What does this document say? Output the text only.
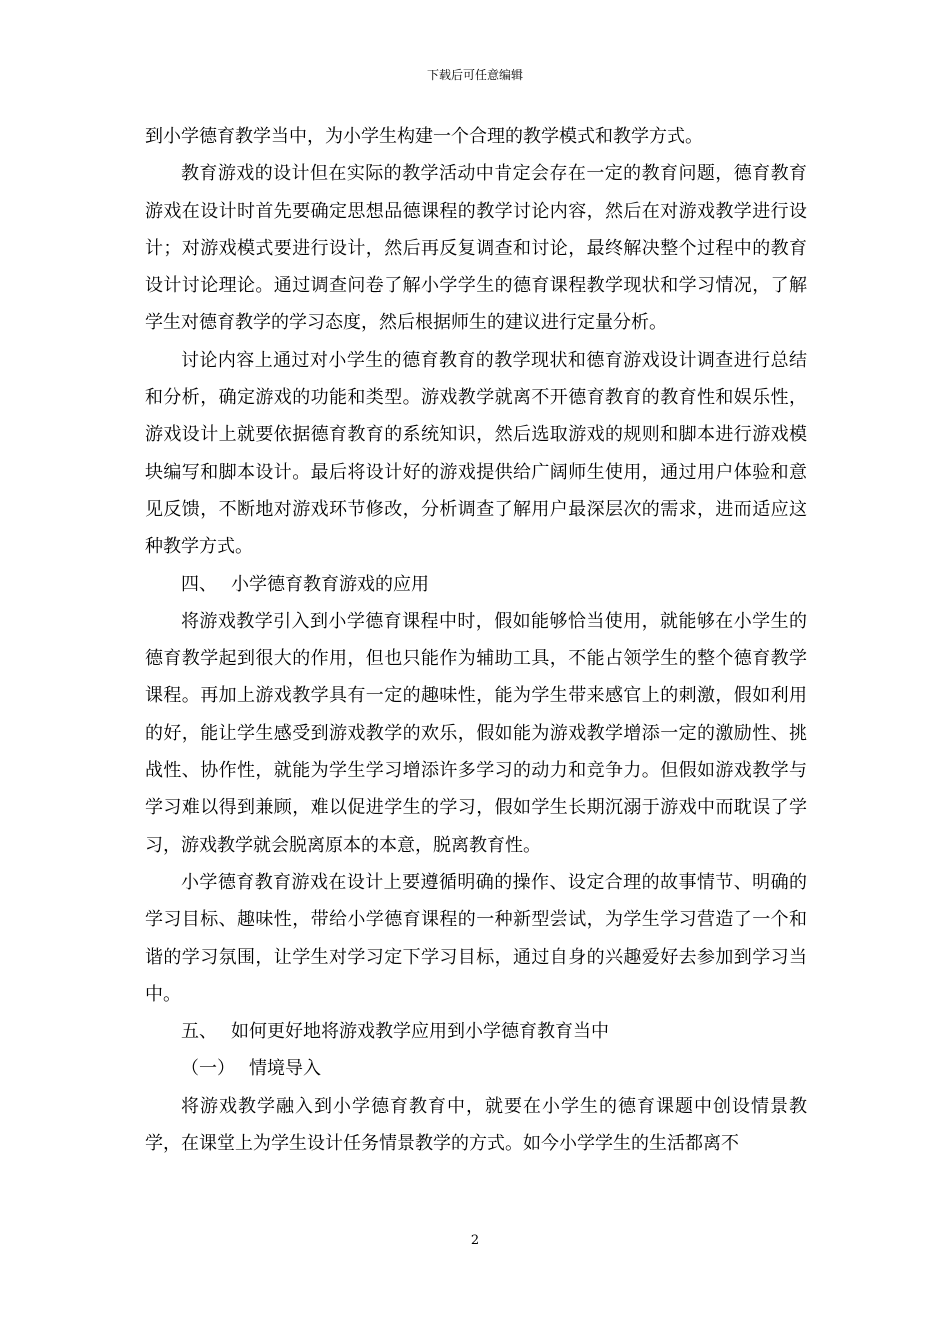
下载后可任意编辑

到小学德育教学当中，为小学生构建一个合理的教学模式和教学方式。

教育游戏的设计但在实际的教学活动中肯定会存在一定的教育问题，德育教育游戏在设计时首先要确定思想品德课程的教学讨论内容，然后在对游戏教学进行设计；对游戏模式要进行设计，然后再反复调查和讨论，最终解决整个过程中的教育设计讨论理论。通过调查问卷了解小学学生的德育课程教学现状和学习情况，了解学生对德育教学的学习态度，然后根据师生的建议进行定量分析。

讨论内容上通过对小学生的德育教育的教学现状和德育游戏设计调查进行总结和分析，确定游戏的功能和类型。游戏教学就离不开德育教育的教育性和娱乐性，游戏设计上就要依据德育教育的系统知识，然后选取游戏的规则和脚本进行游戏模块编写和脚本设计。最后将设计好的游戏提供给广阔师生使用，通过用户体验和意见反馈，不断地对游戏环节修改，分析调查了解用户最深层次的需求，进而适应这种教学方式。

四、 小学德育教育游戏的应用

将游戏教学引入到小学德育课程中时，假如能够恰当使用，就能够在小学生的德育教学起到很大的作用，但也只能作为辅助工具，不能占领学生的整个德育教学课程。再加上游戏教学具有一定的趣味性，能为学生带来感官上的刺激，假如利用的好，能让学生感受到游戏教学的欢乐，假如能为游戏教学增添一定的激励性、挑战性、协作性，就能为学生学习增添许多学习的动力和竞争力。但假如游戏教学与学习难以得到兼顾，难以促进学生的学习，假如学生长期沉溺于游戏中而耽误了学习，游戏教学就会脱离原本的本意，脱离教育性。

小学德育教育游戏在设计上要遵循明确的操作、设定合理的故事情节、明确的学习目标、趣味性，带给小学德育课程的一种新型尝试，为学生学习营造了一个和谐的学习氛围，让学生对学习定下学习目标，通过自身的兴趣爱好去参加到学习当中。

五、 如何更好地将游戏教学应用到小学德育教育当中

（一） 情境导入

将游戏教学融入到小学德育教育中，就要在小学生的德育课题中创设情景教学，在课堂上为学生设计任务情景教学的方式。如今小学学生的生活都离不

2
